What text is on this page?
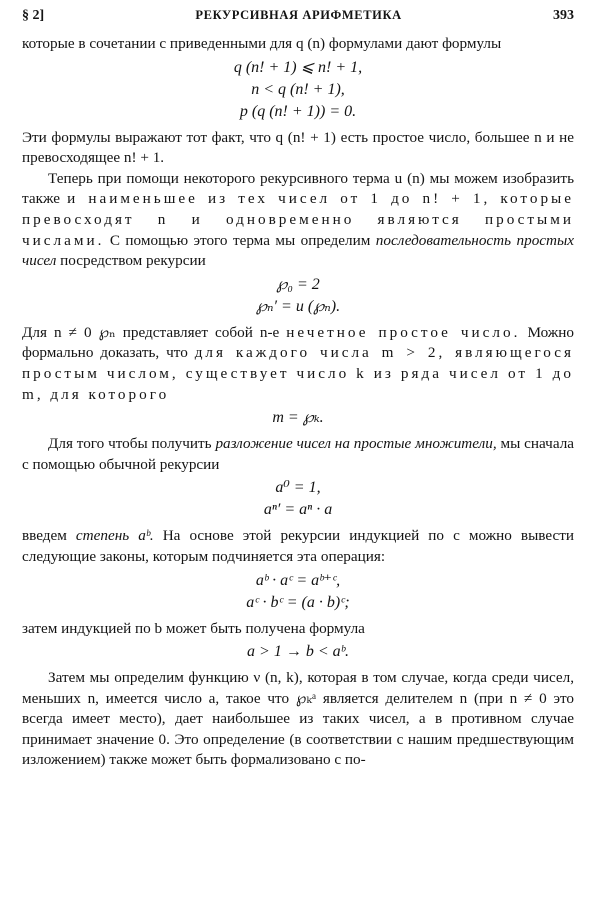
§ 2]	РЕКУРСИВНАЯ АРИФМЕТИКА	393

которые в сочетании с приведенными для q (n) формулами дают формулы

q (n! + 1) ⩽ n! + 1,
n < q (n! + 1),
p (q (n! + 1)) = 0.

Эти формулы выражают тот факт, что q (n! + 1) есть простое число, большее n и не превосходящее n! + 1.

Теперь при помощи некоторого рекурсивного терма u (n) мы можем изобразить также и наименьшее из тех чисел от 1 до n! + 1, которые превосходят n и одновременно являются простыми числами. С помощью этого терма мы определим последовательность простых чисел посредством рекурсии

℘₀ = 2
℘ₙ′ = u (℘ₙ).

Для n ≠ 0 ℘ₙ представляет собой n-е нечетное простое число. Можно формально доказать, что для каждого числа m > 2, являющегося простым числом, существует число k из ряда чисел от 1 до m, для которого

m = ℘ₖ.

Для того чтобы получить разложение чисел на простые множители, мы сначала с помощью обычной рекурсии

a⁰ = 1,
aⁿ′ = aⁿ · a

введем степень aᵇ. На основе этой рекурсии индукцией по c можно вывести следующие законы, которым подчиняется эта операция:

aᵇ · aᶜ = aᵇ⁺ᶜ,
aᶜ · bᶜ = (a · b)ᶜ;

затем индукцией по b может быть получена формула

a > 1 → b < aᵇ.

Затем мы определим функцию ν (n, k), которая в том случае, когда среди чисел, меньших n, имеется число a, такое что ℘ₖᵃ является делителем n (при n ≠ 0 это всегда имеет место), дает наибольшее из таких чисел, а в противном случае принимает значение 0. Это определение (в соответствии с нашим предшествующим изложением) также может быть формализовано с по-
